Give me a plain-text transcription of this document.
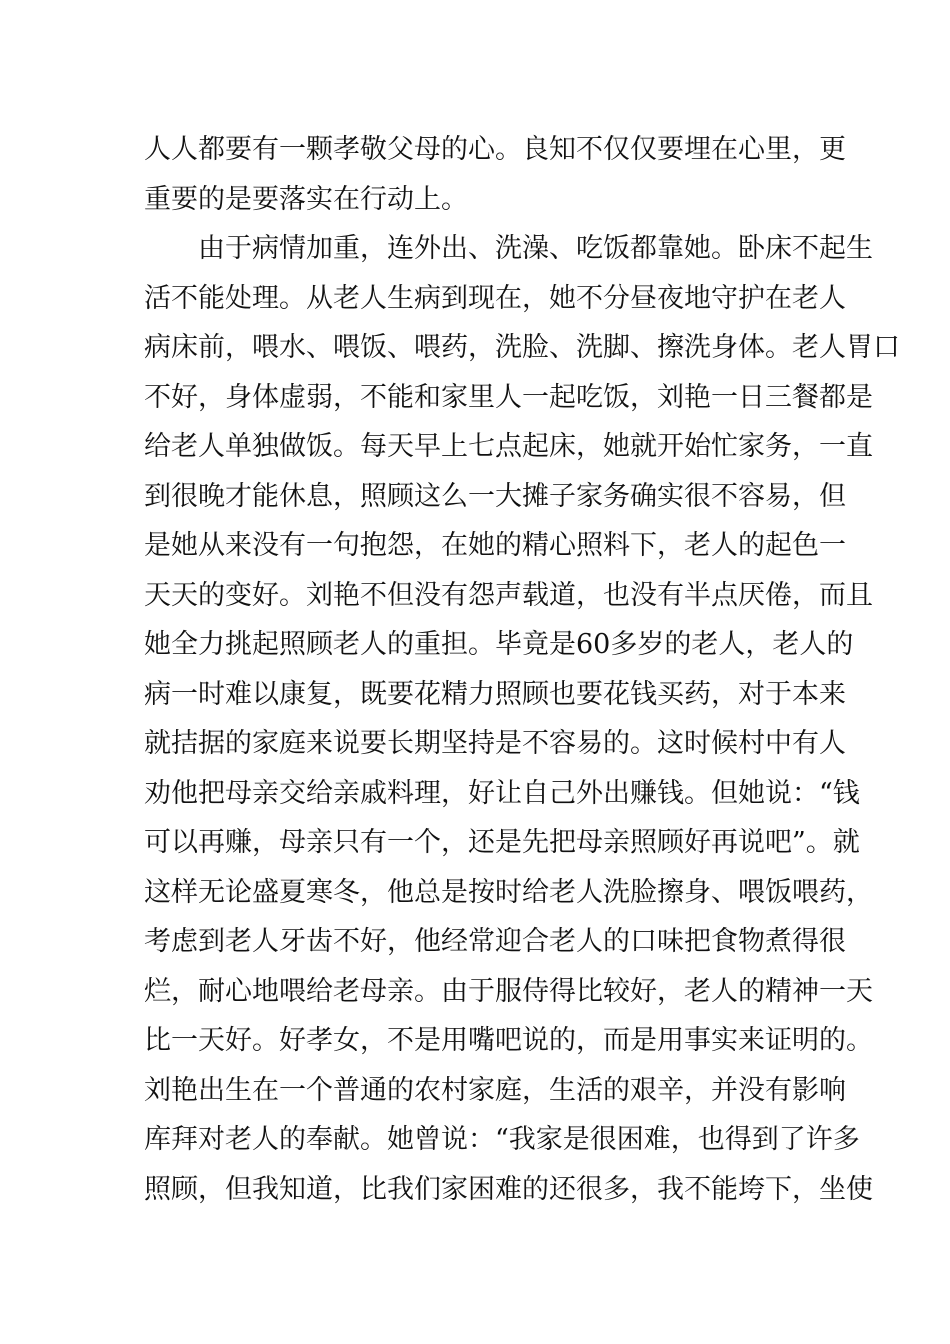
人人都要有一颗孝敬父母的心。良知不仅仅要埋在心里，更
重要的是要落实在行动上。
由于病情加重，连外出、洗澡、吃饭都靠她。卧床不起生
活不能处理。从老人生病到现在，她不分昼夜地守护在老人
病床前，喂水、喂饭、喂药，洗脸、洗脚、擦洗身体。老人胃口
不好，身体虚弱，不能和家里人一起吃饭，刘艳一日三餐都是
给老人单独做饭。每天早上七点起床，她就开始忙家务，一直
到很晚才能休息，照顾这么一大摊子家务确实很不容易，但
是她从来没有一句抱怨，在她的精心照料下，老人的起色一
天天的变好。刘艳不但没有怨声载道，也没有半点厌倦，而且
她全力挑起照顾老人的重担。毕竟是60多岁的老人，老人的
病一时难以康复，既要花精力照顾也要花钱买药，对于本来
就拮据的家庭来说要长期坚持是不容易的。这时候村中有人
劝他把母亲交给亲戚料理，好让自己外出赚钱。但她说：“钱
可以再赚，母亲只有一个，还是先把母亲照顾好再说吧”。就
这样无论盛夏寒冬，他总是按时给老人洗脸擦身、喂饭喂药，
考虑到老人牙齿不好，他经常迎合老人的口味把食物煮得很
烂，耐心地喂给老母亲。由于服侍得比较好，老人的精神一天
比一天好。好孝女，不是用嘴吧说的，而是用事实来证明的。
刘艳出生在一个普通的农村家庭，生活的艰辛，并没有影响
库拜对老人的奉献。她曾说：“我家是很困难，也得到了许多
照顾，但我知道，比我们家困难的还很多，我不能垮下，坐使
